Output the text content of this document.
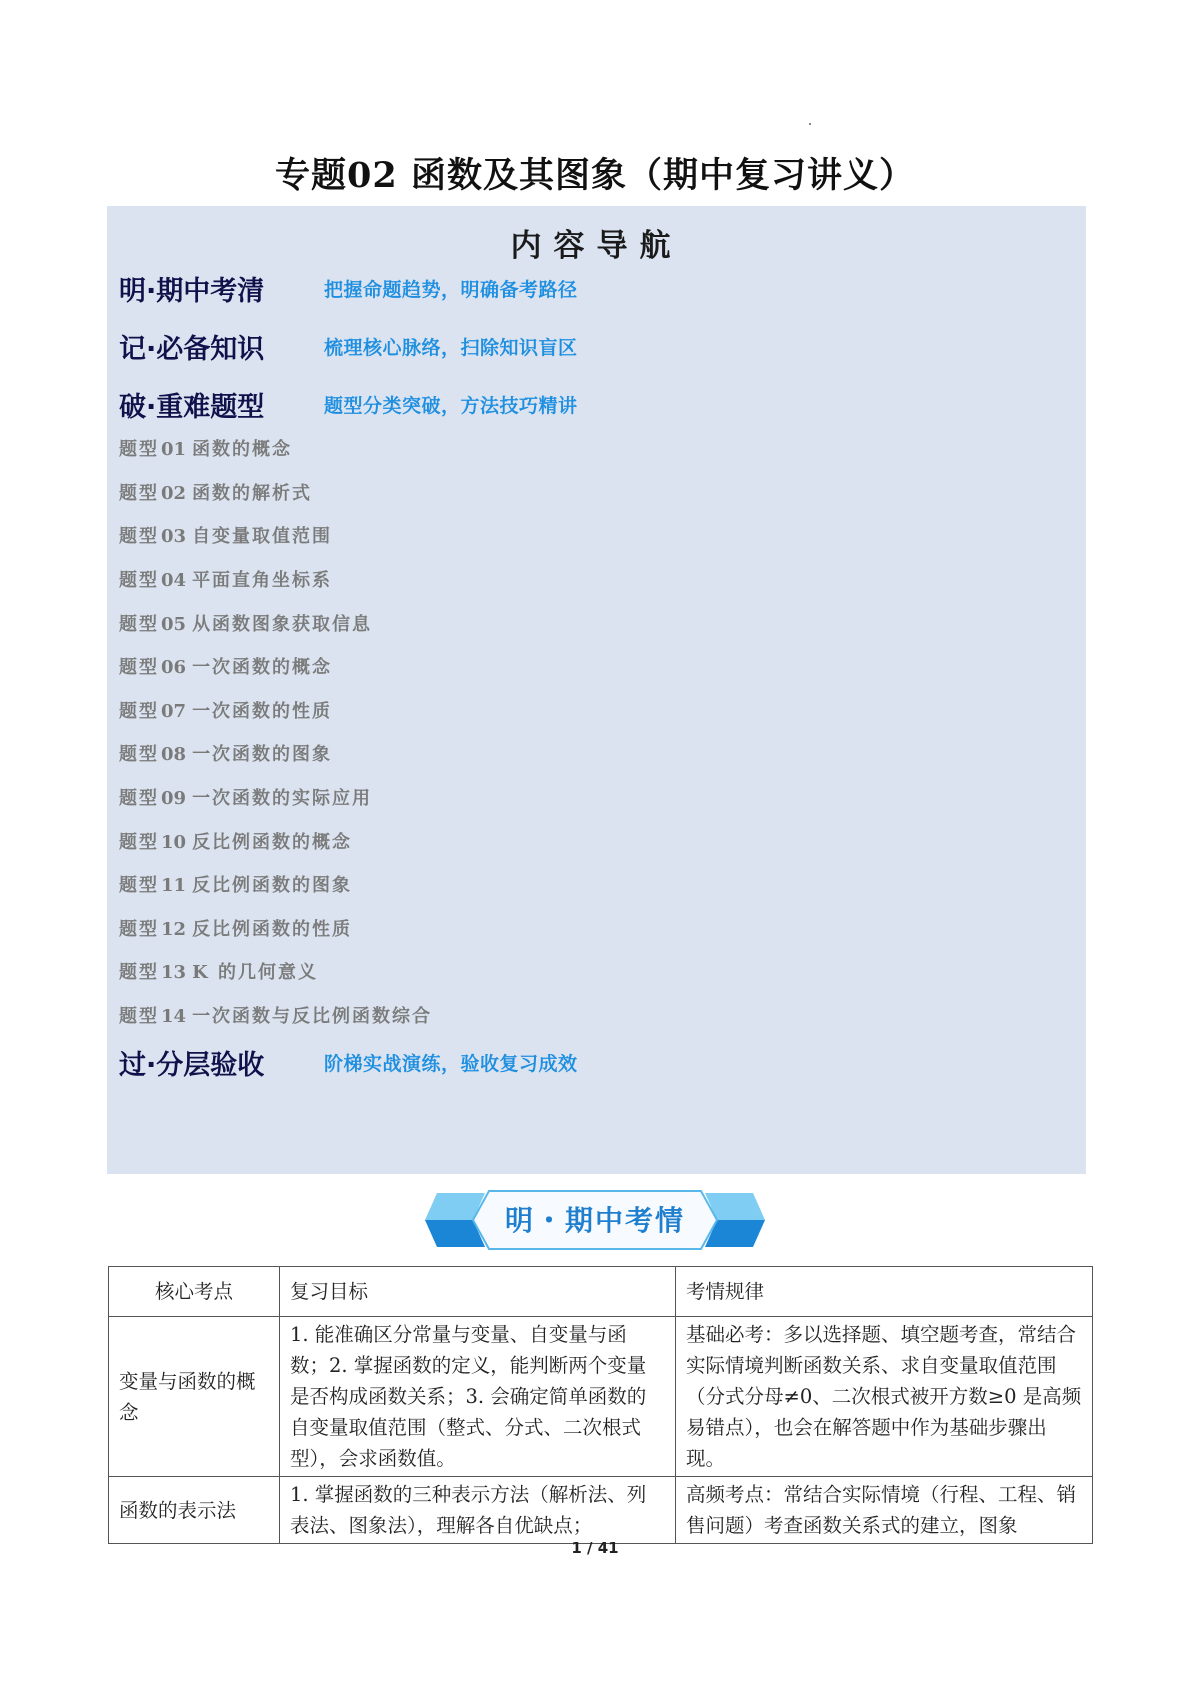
专题02 函数及其图象（期中复习讲义）
内容导航
明·期中考清	把握命题趋势，明确备考路径
记·必备知识	梳理核心脉络，扫除知识盲区
破·重难题型	题型分类突破，方法技巧精讲
题型 01 函数的概念
题型 02 函数的解析式
题型 03 自变量取值范围
题型 04 平面直角坐标系
题型 05 从函数图象获取信息
题型 06 一次函数的概念
题型 07 一次函数的性质
题型 08 一次函数的图象
题型 09 一次函数的实际应用
题型 10 反比例函数的概念
题型 11 反比例函数的图象
题型 12 反比例函数的性质
题型 13 K 的几何意义
题型 14 一次函数与反比例函数综合
过·分层验收	阶梯实战演练，验收复习成效
明・期中考情
核心考点	复习目标	考情规律
变量与函数的概念	1. 能准确区分常量与变量、自变量与函数；2. 掌握函数的定义，能判断两个变量是否构成函数关系；3. 会确定简单函数的自变量取值范围（整式、分式、二次根式型），会求函数值。	基础必考：多以选择题、填空题考查，常结合实际情境判断函数关系、求自变量取值范围（分式分母≠0、二次根式被开方数≥0 是高频易错点），也会在解答题中作为基础步骤出现。
函数的表示法	1. 掌握函数的三种表示方法（解析法、列表法、图象法），理解各自优缺点；	高频考点：常结合实际情境（行程、工程、销售问题）考查函数关系式的建立，图象
1 / 41
